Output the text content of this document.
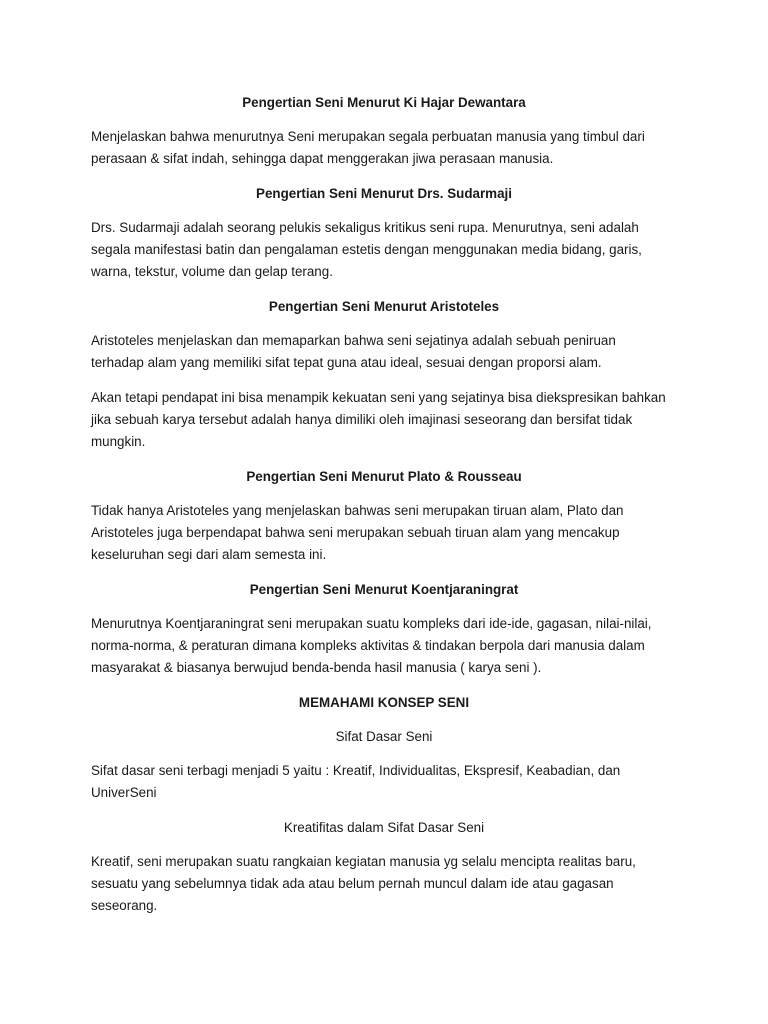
Pengertian Seni Menurut Ki Hajar Dewantara

Menjelaskan bahwa menurutnya Seni merupakan segala perbuatan manusia yang timbul dari
perasaan & sifat indah, sehingga dapat menggerakan jiwa perasaan manusia.

Pengertian Seni Menurut Drs. Sudarmaji

Drs. Sudarmaji adalah seorang pelukis sekaligus kritikus seni rupa. Menurutnya, seni adalah
segala manifestasi batin dan pengalaman estetis dengan menggunakan media bidang, garis,
warna, tekstur, volume dan gelap terang.

Pengertian Seni Menurut Aristoteles

Aristoteles menjelaskan dan memaparkan bahwa seni sejatinya adalah sebuah peniruan
terhadap alam yang memiliki sifat tepat guna atau ideal, sesuai dengan proporsi alam.

Akan tetapi pendapat ini bisa menampik kekuatan seni yang sejatinya bisa diekspresikan bahkan
jika sebuah karya tersebut adalah hanya dimiliki oleh imajinasi seseorang dan bersifat tidak
mungkin.

Pengertian Seni Menurut Plato & Rousseau

Tidak hanya Aristoteles yang menjelaskan bahwas seni merupakan tiruan alam, Plato dan
Aristoteles juga berpendapat bahwa seni merupakan sebuah tiruan alam yang mencakup
keseluruhan segi dari alam semesta ini.

Pengertian Seni Menurut Koentjaraningrat

Menurutnya Koentjaraningrat seni merupakan suatu kompleks dari ide-ide, gagasan, nilai-nilai,
norma-norma, & peraturan dimana kompleks aktivitas & tindakan berpola dari manusia dalam
masyarakat & biasanya berwujud benda-benda hasil manusia ( karya seni ).

MEMAHAMI KONSEP SENI
Sifat Dasar Seni

Sifat dasar seni terbagi menjadi 5 yaitu : Kreatif, Individualitas, Ekspresif, Keabadian, dan
UniverSeni

Kreatifitas dalam Sifat Dasar Seni

Kreatif, seni merupakan suatu rangkaian kegiatan manusia yg selalu mencipta realitas baru,
sesuatu yang sebelumnya tidak ada atau belum pernah muncul dalam ide atau gagasan
seseorang.
